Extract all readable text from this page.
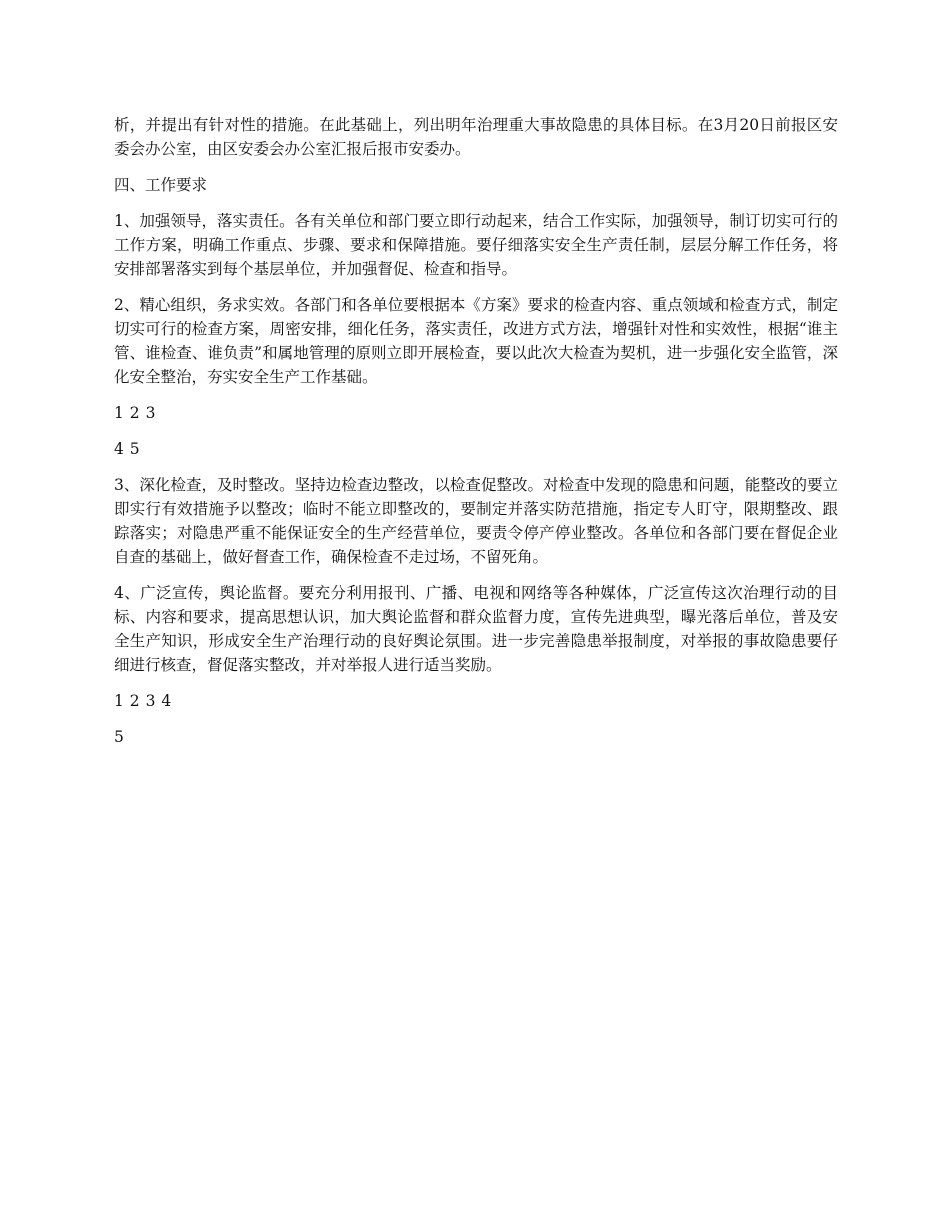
析，并提出有针对性的措施。在此基础上，列出明年治理重大事故隐患的具体目标。在3月20日前报区安委会办公室，由区安委会办公室汇报后报市安委办。

四、工作要求

1、加强领导，落实责任。各有关单位和部门要立即行动起来，结合工作实际，加强领导，制订切实可行的工作方案，明确工作重点、步骤、要求和保障措施。要仔细落实安全生产责任制，层层分解工作任务，将安排部署落实到每个基层单位，并加强督促、检查和指导。

2、精心组织，务求实效。各部门和各单位要根据本《方案》要求的检查内容、重点领域和检查方式，制定切实可行的检查方案，周密安排，细化任务，落实责任，改进方式方法，增强针对性和实效性，根据“谁主管、谁检查、谁负责”和属地管理的原则立即开展检查，要以此次大检查为契机，进一步强化安全监管，深化安全整治，夯实安全生产工作基础。

1 2 3

4 5

3、深化检查，及时整改。坚持边检查边整改，以检查促整改。对检查中发现的隐患和问题，能整改的要立即实行有效措施予以整改；临时不能立即整改的，要制定并落实防范措施，指定专人盯守，限期整改、跟踪落实；对隐患严重不能保证安全的生产经营单位，要责令停产停业整改。各单位和各部门要在督促企业自查的基础上，做好督查工作，确保检查不走过场，不留死角。

4、广泛宣传，舆论监督。要充分利用报刊、广播、电视和网络等各种媒体，广泛宣传这次治理行动的目标、内容和要求，提高思想认识，加大舆论监督和群众监督力度，宣传先进典型，曝光落后单位，普及安全生产知识，形成安全生产治理行动的良好舆论氛围。进一步完善隐患举报制度，对举报的事故隐患要仔细进行核查，督促落实整改，并对举报人进行适当奖励。

1 2 3 4

5
